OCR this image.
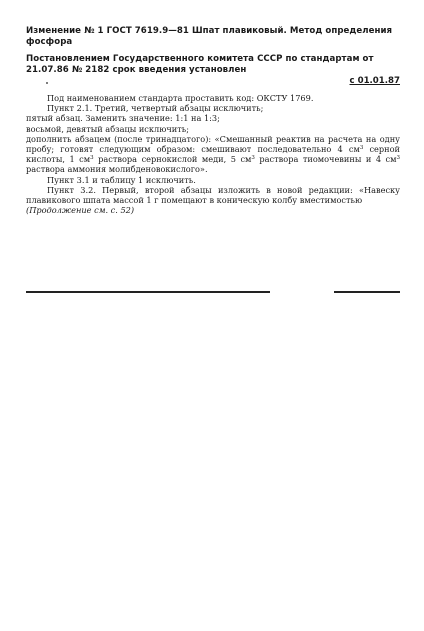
Изменение № 1 ГОСТ 7619.9—81 Шпат плавиковый. Метод определения фосфора

Постановлением Государственного комитета СССР по стандартам от 21.07.86 № 2182 срок введения установлен

с 01.01.87

Под наименованием стандарта проставить код: ОКСТУ 1769.

Пункт 2.1. Третий, четвертый абзацы исключить;

пятый абзац. Заменить значение: 1:1 на 1:3;

восьмой, девятый абзацы исключить;

дополнить абзацем (после тринадцатого): «Смешанный реактив на расчета на одну пробу; готовят следующим образом: смешивают последовательно 4 $см^3$ серной кислоты, 1 $см^3$ раствора сернокислой меди, 5 $см^3$ раствора тиомочевины и 4 $см^3$ раствора аммония молибденовокислого».

Пункт 3.1 и таблицу 1 исключить.

Пункт 3.2. Первый, второй абзацы изложить в новой редакции: «Навеску плавикового шпата массой 1 г помещают в коническую колбу вместимостью

(Продолжение см. с. 52)
